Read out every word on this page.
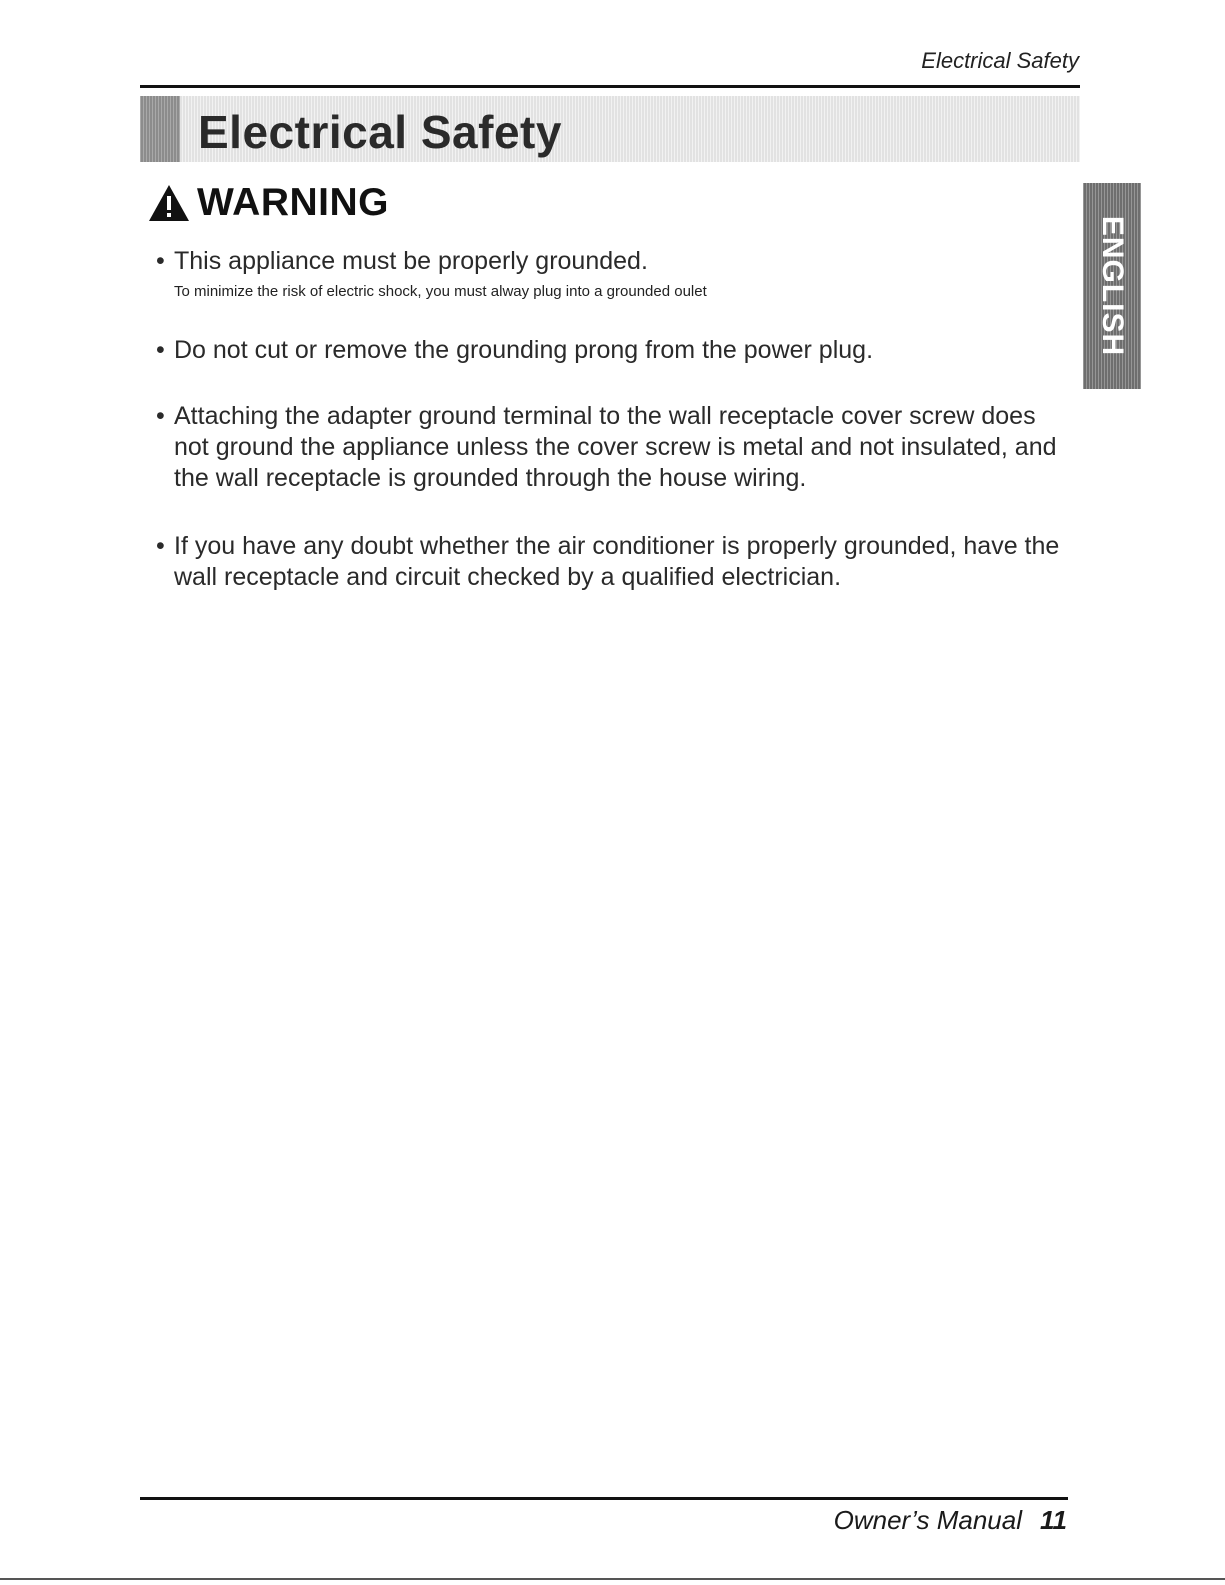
Electrical Safety
Electrical Safety
WARNING
• This appliance must be properly grounded.
To minimize the risk of electric shock, you must alway plug into a grounded oulet
• Do not cut or remove the grounding prong from the power plug.
• Attaching the adapter ground terminal to the wall receptacle cover screw does not ground the appliance unless the cover screw is metal and not insulated, and the wall receptacle is grounded through the house wiring.
• If you have any doubt whether the air conditioner is properly grounded, have the wall receptacle and circuit checked by a qualified electrician.
ENGLISH
Owner’s Manual 11
